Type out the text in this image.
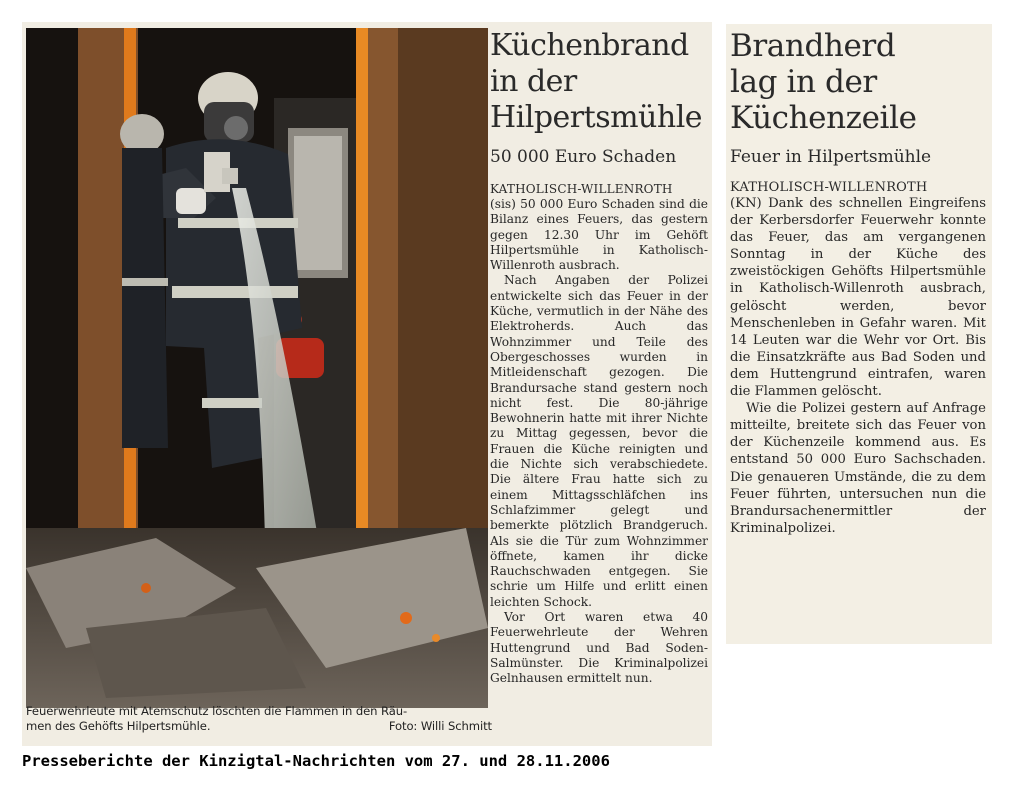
Feuerwehrleute mit Atemschutz löschten die Flammen in den Räu-
men des Gehöfts Hilpertsmühle.	Foto: Willi Schmitt
Küchenbrand
in der
Hilpertsmühle
50 000 Euro Schaden
KATHOLISCH-WILLENROTH

(sis) 50 000 Euro Schaden sind die Bilanz eines Feuers, das gestern gegen 12.30 Uhr im Gehöft Hilpertsmühle in Katholisch-Willenroth ausbrach.

Nach Angaben der Polizei entwickelte sich das Feuer in der Küche, vermutlich in der Nähe des Elektroherds. Auch das Wohnzimmer und Teile des Obergeschosses wurden in Mitleidenschaft gezogen. Die Brandursache stand gestern noch nicht fest. Die 80-jährige Bewohnerin hatte mit ihrer Nichte zu Mittag gegessen, bevor die Frauen die Küche reinigten und die Nichte sich verabschiedete. Die ältere Frau hatte sich zu einem Mittagsschläfchen ins Schlafzimmer gelegt und bemerkte plötzlich Brandgeruch. Als sie die Tür zum Wohnzimmer öffnete, kamen ihr dicke Rauchschwaden entgegen. Sie schrie um Hilfe und erlitt einen leichten Schock.

Vor Ort waren etwa 40 Feuerwehrleute der Wehren Huttengrund und Bad Soden-Salmünster. Die Kriminalpolizei Gelnhausen ermittelt nun.

Brandherd
lag in der
Küchenzeile
Feuer in Hilpertsmühle
KATHOLISCH-WILLENROTH

(KN) Dank des schnellen Eingreifens der Kerbersdorfer Feuerwehr konnte das Feuer, das am vergangenen Sonntag in der Küche des zweistöckigen Gehöfts Hilpertsmühle in Katholisch-Willenroth ausbrach, gelöscht werden, bevor Menschenleben in Gefahr waren. Mit 14 Leuten war die Wehr vor Ort. Bis die Einsatzkräfte aus Bad Soden und dem Huttengrund eintrafen, waren die Flammen gelöscht.

Wie die Polizei gestern auf Anfrage mitteilte, breitete sich das Feuer von der Küchenzeile kommend aus. Es entstand 50 000 Euro Sachschaden. Die genaueren Umstände, die zu dem Feuer führten, untersuchen nun die Brandursachenermittler der Kriminalpolizei.

Presseberichte der Kinzigtal-Nachrichten vom 27. und 28.11.2006
